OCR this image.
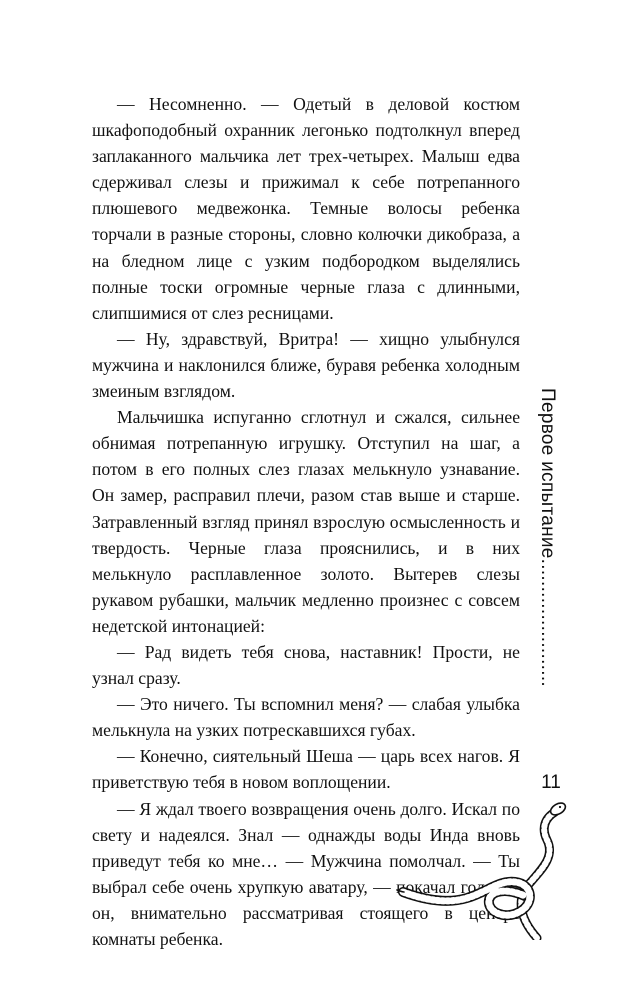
— Несомненно. — Одетый в деловой костюм шкафоподобный охранник легонько подтолкнул вперед заплаканного мальчика лет трех-четырех. Малыш едва сдерживал слезы и прижимал к себе потрепанного плюшевого медвежонка. Темные волосы ребенка торчали в разные стороны, словно колючки дикобраза, а на бледном лице с узким подбородком выделялись полные тоски огромные черные глаза с длинными, слипшимися от слез ресницами.

— Ну, здравствуй, Вритра! — хищно улыбнулся мужчина и наклонился ближе, буравя ребенка холодным змеиным взглядом.

Мальчишка испуганно сглотнул и сжался, сильнее обнимая потрепанную игрушку. Отступил на шаг, а потом в его полных слез глазах мелькнуло узнавание. Он замер, расправил плечи, разом став выше и старше. Затравленный взгляд принял взрослую осмысленность и твердость. Черные глаза прояснились, и в них мелькнуло расплавленное золото. Вытерев слезы рукавом рубашки, мальчик медленно произнес с совсем недетской интонацией:

— Рад видеть тебя снова, наставник! Прости, не узнал сразу.

— Это ничего. Ты вспомнил меня? — слабая улыбка мелькнула на узких потрескавшихся губах.

— Конечно, сиятельный Шеша — царь всех нагов. Я приветствую тебя в новом воплощении.

— Я ждал твоего возвращения очень долго. Искал по свету и надеялся. Знал — однажды воды Инда вновь приведут тебя ко мне… — Мужчина помолчал. — Ты выбрал себе очень хрупкую аватару, — покачал головой он, внимательно рассматривая стоящего в центре комнаты ребенка.

Первое испытание.......................
11
